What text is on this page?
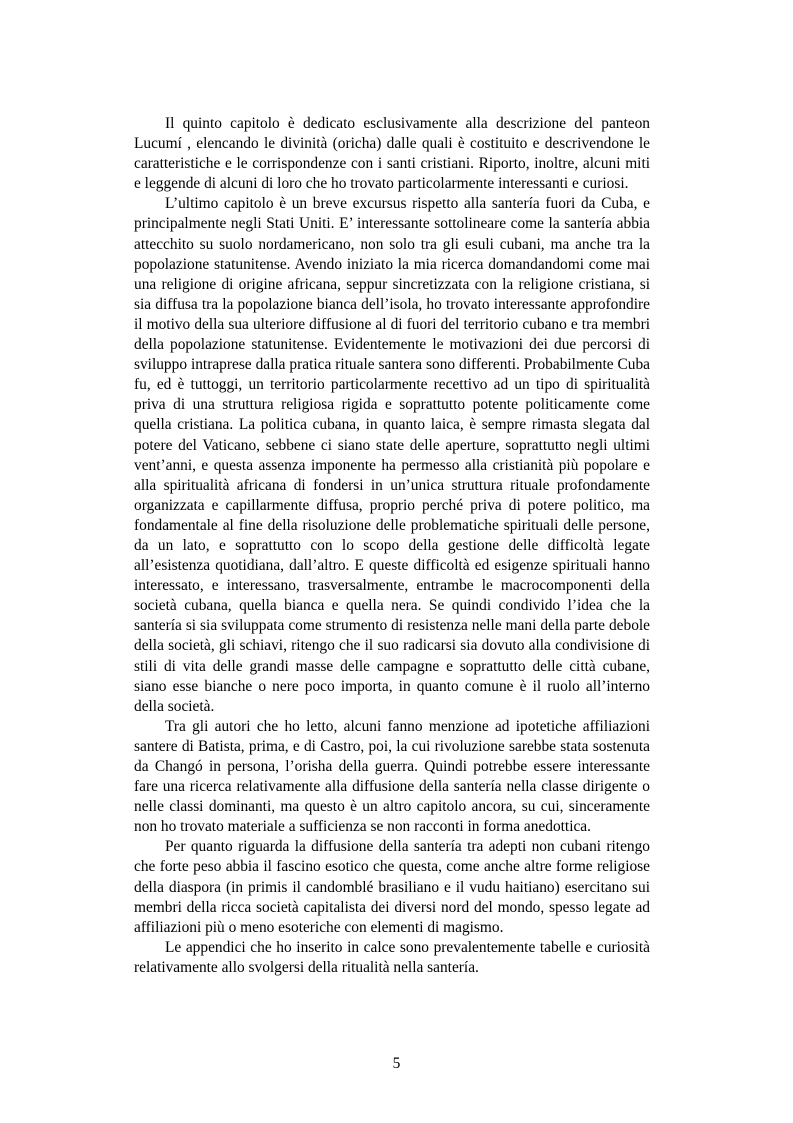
Il quinto capitolo è dedicato esclusivamente alla descrizione del panteon Lucumí , elencando le divinità (oricha) dalle quali è costituito e descrivendone le caratteristiche e le corrispondenze con i santi cristiani. Riporto, inoltre, alcuni miti e leggende di alcuni di loro che ho trovato particolarmente interessanti e curiosi.

L’ultimo capitolo è un breve excursus rispetto alla santería fuori da Cuba, e principalmente negli Stati Uniti. E’ interessante sottolineare come la santería abbia attecchito su suolo nordamericano, non solo tra gli esuli cubani, ma anche tra la popolazione statunitense. Avendo iniziato la mia ricerca domandandomi come mai una religione di origine africana, seppur sincretizzata con la religione cristiana, si sia diffusa tra la popolazione bianca dell’isola, ho trovato interessante approfondire il motivo della sua ulteriore diffusione al di fuori del territorio cubano e tra membri della popolazione statunitense. Evidentemente le motivazioni dei due percorsi di sviluppo intraprese dalla pratica rituale santera sono differenti. Probabilmente Cuba fu, ed è tuttoggi, un territorio particolarmente recettivo ad un tipo di spiritualità priva di una struttura religiosa rigida e soprattutto potente politicamente come quella cristiana. La politica cubana, in quanto laica, è sempre rimasta slegata dal potere del Vaticano, sebbene ci siano state delle aperture, soprattutto negli ultimi vent’anni, e questa assenza imponente ha permesso alla cristianità più popolare e alla spiritualità africana di fondersi in un’unica struttura rituale profondamente organizzata e capillarmente diffusa, proprio perché priva di potere politico, ma fondamentale al fine della risoluzione delle problematiche spirituali delle persone, da un lato, e soprattutto con lo scopo della gestione delle difficoltà legate all’esistenza quotidiana, dall’altro. E queste difficoltà ed esigenze spirituali hanno interessato, e interessano, trasversalmente, entrambe le macrocomponenti della società cubana, quella bianca e quella nera. Se quindi condivido l’idea che la santería si sia sviluppata come strumento di resistenza nelle mani della parte debole della società, gli schiavi, ritengo che il suo radicarsi sia dovuto alla condivisione di stili di vita delle grandi masse delle campagne e soprattutto delle città cubane, siano esse bianche o nere poco importa, in quanto comune è il ruolo all’interno della società.

Tra gli autori che ho letto, alcuni fanno menzione ad ipotetiche affiliazioni santere di Batista, prima, e di Castro, poi, la cui rivoluzione sarebbe stata sostenuta da Changó in persona, l’orisha della guerra. Quindi potrebbe essere interessante fare una ricerca relativamente alla diffusione della santería nella classe dirigente o nelle classi dominanti, ma questo è un altro capitolo ancora, su cui, sinceramente non ho trovato materiale a sufficienza se non racconti in forma anedottica.

Per quanto riguarda la diffusione della santería tra adepti non cubani ritengo che forte peso abbia il fascino esotico che questa, come anche altre forme religiose della diaspora (in primis il candomblé brasiliano e il vudu haitiano) esercitano sui membri della ricca società capitalista dei diversi nord del mondo, spesso legate ad affiliazioni più o meno esoteriche con elementi di magismo.

Le appendici che ho inserito in calce sono prevalentemente tabelle e curiosità relativamente allo svolgersi della ritualità nella santería.

5
